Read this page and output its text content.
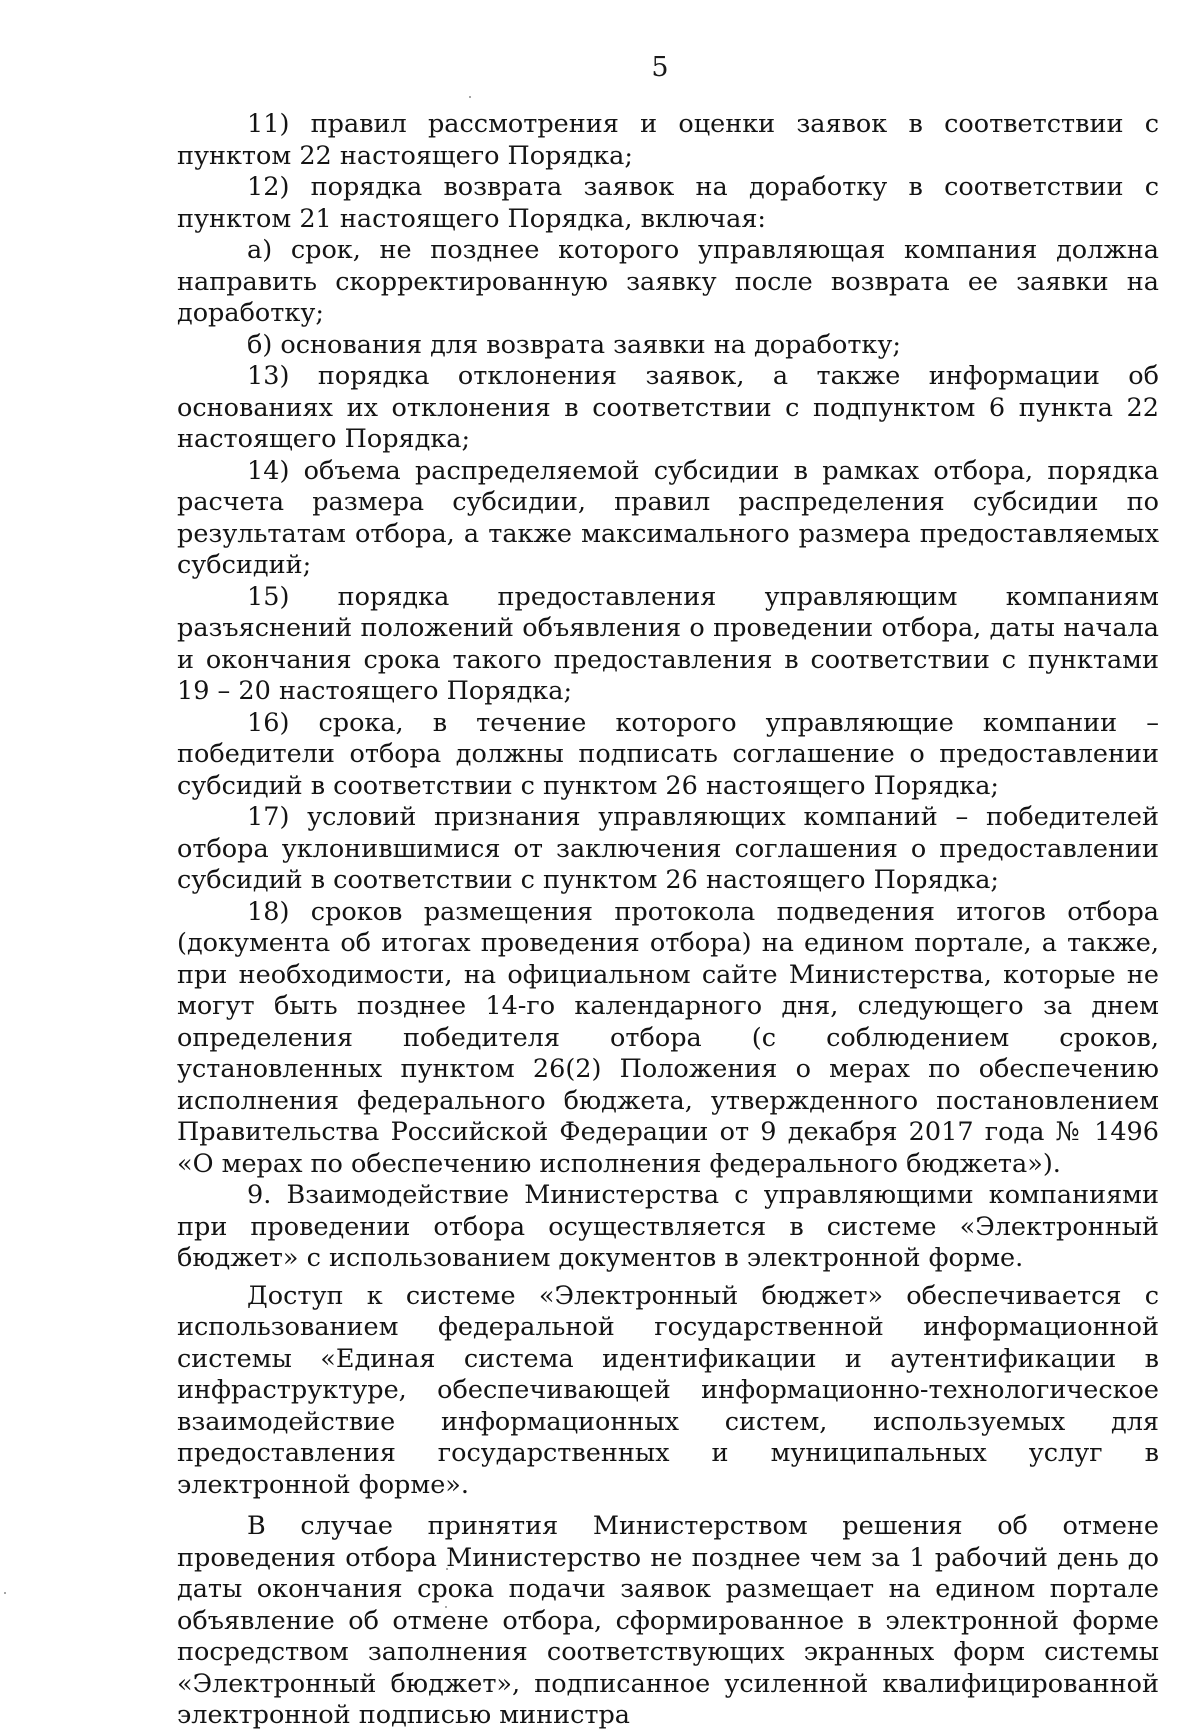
5

11) правил рассмотрения и оценки заявок в соответствии с пунктом 22 настоящего Порядка;

12) порядка возврата заявок на доработку в соответствии с пунктом 21 настоящего Порядка, включая:

а) срок, не позднее которого управляющая компания должна направить скорректированную заявку после возврата ее заявки на доработку;

б) основания для возврата заявки на доработку;

13) порядка отклонения заявок, а также информации об основаниях их отклонения в соответствии с подпунктом 6 пункта 22 настоящего Порядка;

14) объема распределяемой субсидии в рамках отбора, порядка расчета размера субсидии, правил распределения субсидии по результатам отбора, а также максимального размера предоставляемых субсидий;

15) порядка предоставления управляющим компаниям разъяснений положений объявления о проведении отбора, даты начала и окончания срока такого предоставления в соответствии с пунктами 19 – 20 настоящего Порядка;

16) срока, в течение которого управляющие компании – победители отбора должны подписать соглашение о предоставлении субсидий в соответствии с пунктом 26 настоящего Порядка;

17) условий признания управляющих компаний – победителей отбора уклонившимися от заключения соглашения о предоставлении субсидий в соответствии с пунктом 26 настоящего Порядка;

18) сроков размещения протокола подведения итогов отбора (документа об итогах проведения отбора) на едином портале, а также, при необходимости, на официальном сайте Министерства, которые не могут быть позднее 14-го календарного дня, следующего за днем определения победителя отбора (с соблюдением сроков, установленных пунктом 26(2) Положения о мерах по обеспечению исполнения федерального бюджета, утвержденного постановлением Правительства Российской Федерации от 9 декабря 2017 года № 1496 «О мерах по обеспечению исполнения федерального бюджета»).

9. Взаимодействие Министерства с управляющими компаниями при проведении отбора осуществляется в системе «Электронный бюджет» с использованием документов в электронной форме.

Доступ к системе «Электронный бюджет» обеспечивается с использованием федеральной государственной информационной системы «Единая система идентификации и аутентификации в инфраструктуре, обеспечивающей информационно-технологическое взаимодействие информационных систем, используемых для предоставления государственных и муниципальных услуг в электронной форме».

В случае принятия Министерством решения об отмене проведения отбора Министерство не позднее чем за 1 рабочий день до даты окончания срока подачи заявок размещает на едином портале объявление об отмене отбора, сформированное в электронной форме посредством заполнения соответствующих экранных форм системы «Электронный бюджет», подписанное усиленной квалифицированной электронной подписью министра
